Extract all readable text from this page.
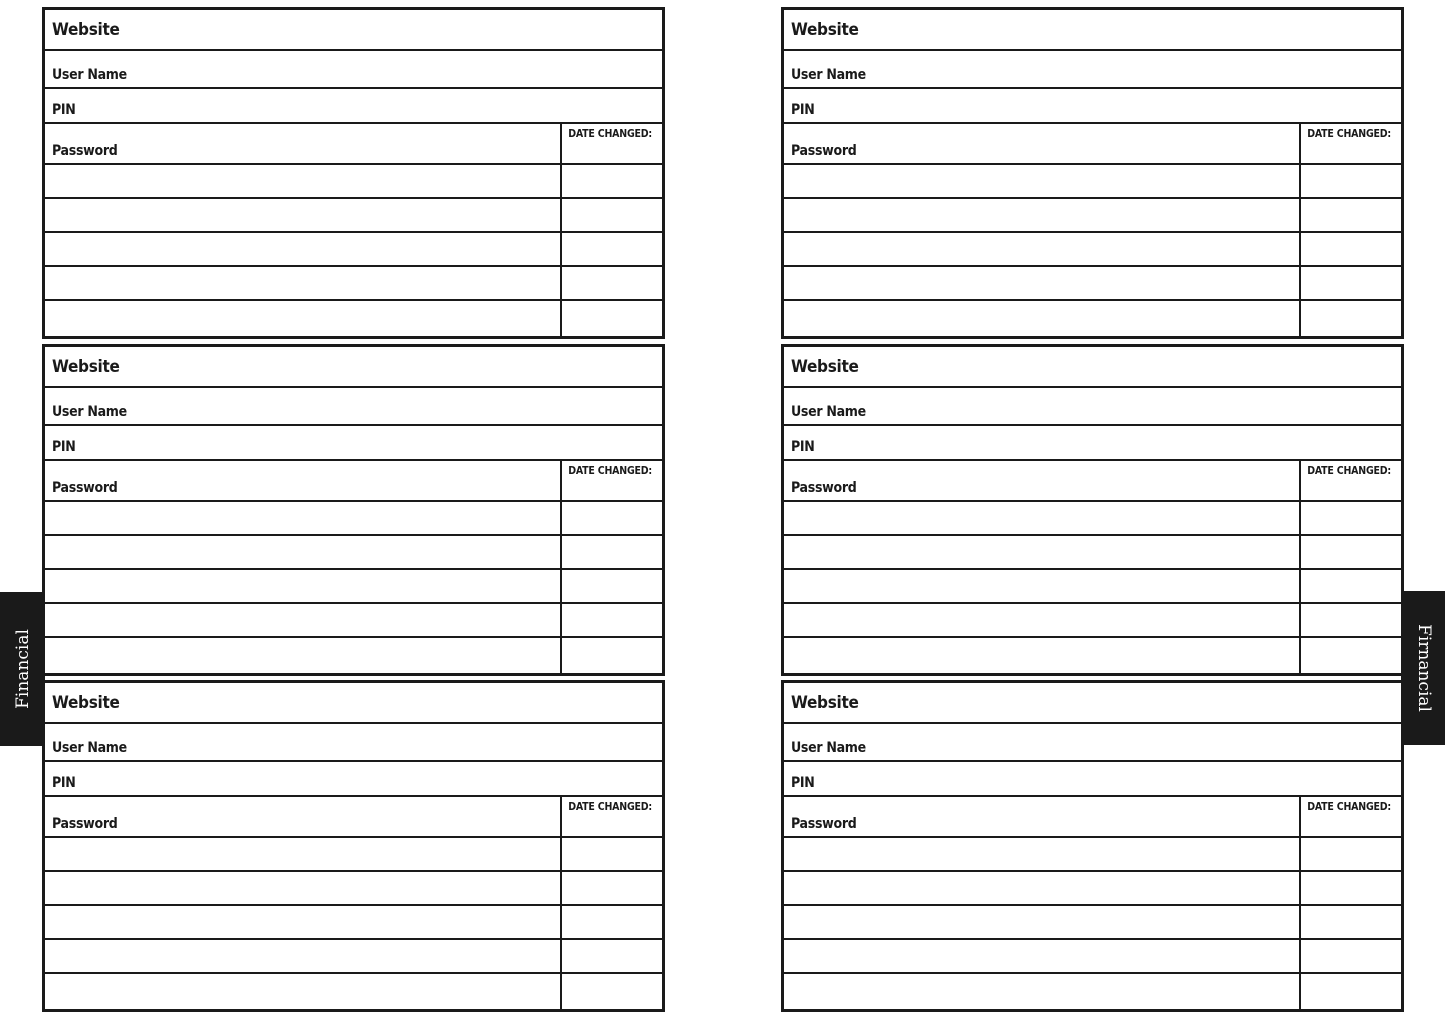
Website
User Name
PIN
Password
DATE CHANGED:
Website
User Name
PIN
Password
DATE CHANGED:
Website
User Name
PIN
Password
DATE CHANGED:
Website
User Name
PIN
Password
DATE CHANGED:
Website
User Name
PIN
Password
DATE CHANGED:
Website
User Name
PIN
Password
DATE CHANGED:
Financial	Firnancial
